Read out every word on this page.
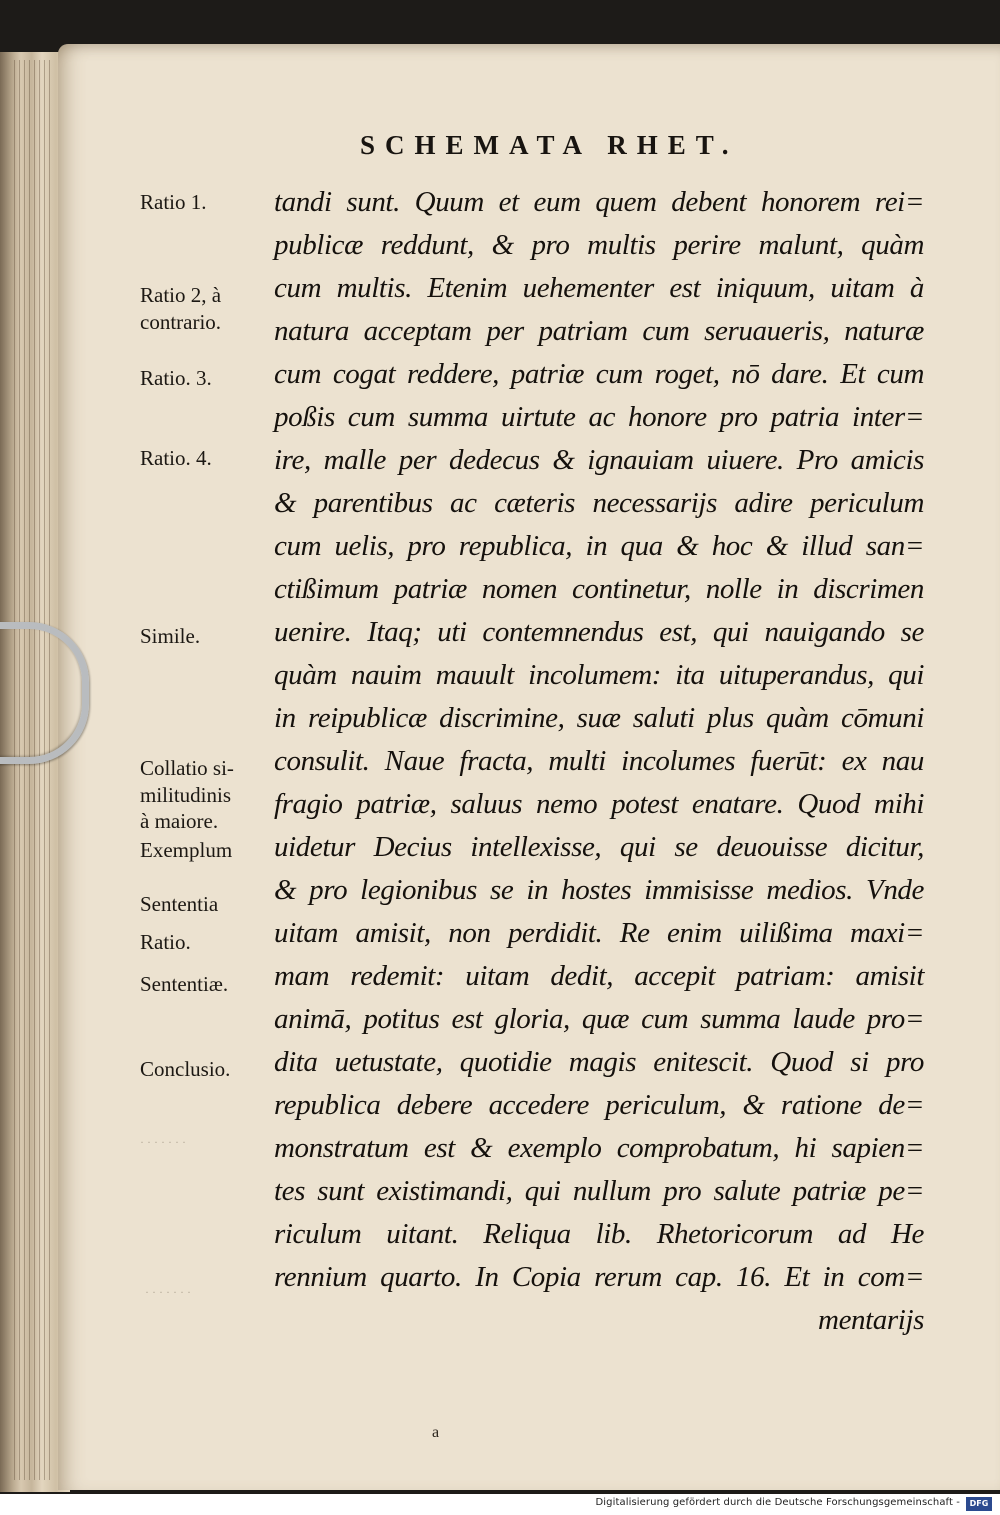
SCHEMATA RHET.
Ratio 1.
Ratio 2, à
contrario.
Ratio. 3.
Ratio. 4.
Simile.
Collatio si-
militudinis
à maiore.
Exemplum
Sententia
Ratio.
Sententiæ.
Conclusio.
· · · · · · ·
· · · · · · ·
tandi sunt. Quum et eum quem debent honorem rei=
publicæ reddunt, & pro multis perire malunt, quàm
cum multis. Etenim uehementer est iniquum, uitam à
natura acceptam per patriam cum seruaueris, naturæ
cum cogat reddere, patriæ cum roget, nō dare. Et cum
poßis cum summa uirtute ac honore pro patria inter=
ire, malle per dedecus & ignauiam uiuere. Pro amicis
& parentibus ac cæteris necessarijs adire periculum
cum uelis, pro republica, in qua & hoc & illud san=
ctißimum patriæ nomen continetur, nolle in discrimen
uenire. Itaq; uti contemnendus est, qui nauigando se
quàm nauim mauult incolumem: ita uituperandus, qui
in reipublicæ discrimine, suæ saluti plus quàm cōmuni
consulit. Naue fracta, multi incolumes fuerūt: ex nau
fragio patriæ, saluus nemo potest enatare. Quod mihi
uidetur Decius intellexisse, qui se deuouisse dicitur,
& pro legionibus se in hostes immisisse medios. Vnde
uitam amisit, non perdidit. Re enim uilißima maxi=
mam redemit: uitam dedit, accepit patriam: amisit
animā, potitus est gloria, quæ cum summa laude pro=
dita uetustate, quotidie magis enitescit. Quod si pro
republica debere accedere periculum, & ratione de=
monstratum est & exemplo comprobatum, hi sapien=
tes sunt existimandi, qui nullum pro salute patriæ pe=
riculum uitant. Reliqua lib. Rhetoricorum ad He
rennium quarto. In Copia rerum cap. 16. Et in com=
mentarijs
a
Digitalisierung gefördert durch die Deutsche Forschungsgemeinschaft -	DFG
